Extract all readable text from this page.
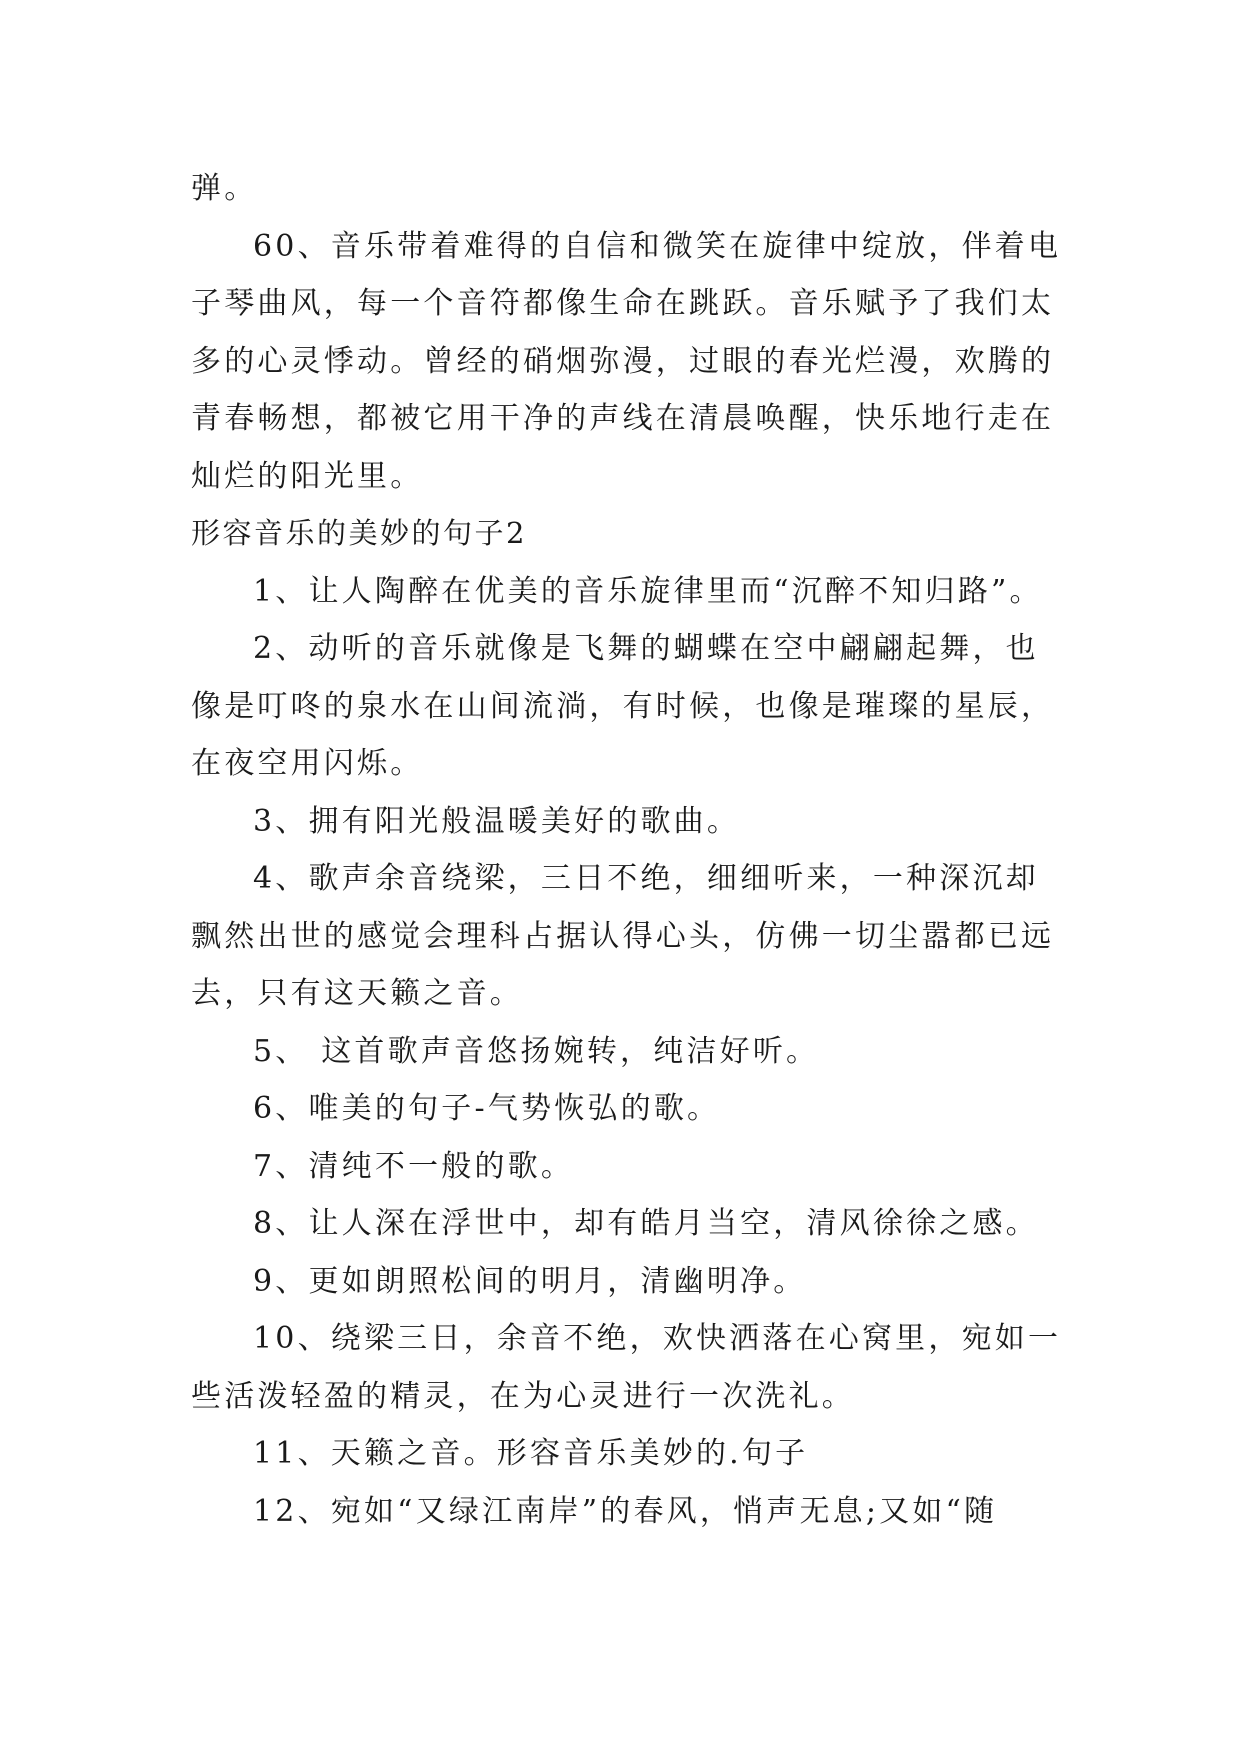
弹。

60、音乐带着难得的自信和微笑在旋律中绽放，伴着电

子琴曲风，每一个音符都像生命在跳跃。音乐赋予了我们太

多的心灵悸动。曾经的硝烟弥漫，过眼的春光烂漫，欢腾的

青春畅想，都被它用干净的声线在清晨唤醒，快乐地行走在

灿烂的阳光里。

形容音乐的美妙的句子2

1、让人陶醉在优美的音乐旋律里而“沉醉不知归路”。

2、动听的音乐就像是飞舞的蝴蝶在空中翩翩起舞，也

像是叮咚的泉水在山间流淌，有时候，也像是璀璨的星辰，

在夜空用闪烁。

3、拥有阳光般温暖美好的歌曲。

4、歌声余音绕梁，三日不绝，细细听来，一种深沉却

飘然出世的感觉会理科占据认得心头，仿佛一切尘嚣都已远

去，只有这天籁之音。

5、 这首歌声音悠扬婉转，纯洁好听。

6、唯美的句子-气势恢弘的歌。

7、清纯不一般的歌。

8、让人深在浮世中，却有皓月当空，清风徐徐之感。

9、更如朗照松间的明月，清幽明净。

10、绕梁三日，余音不绝，欢快洒落在心窝里，宛如一

些活泼轻盈的精灵，在为心灵进行一次洗礼。

11、天籁之音。形容音乐美妙的.句子

12、宛如“又绿江南岸”的春风，悄声无息;又如“随
